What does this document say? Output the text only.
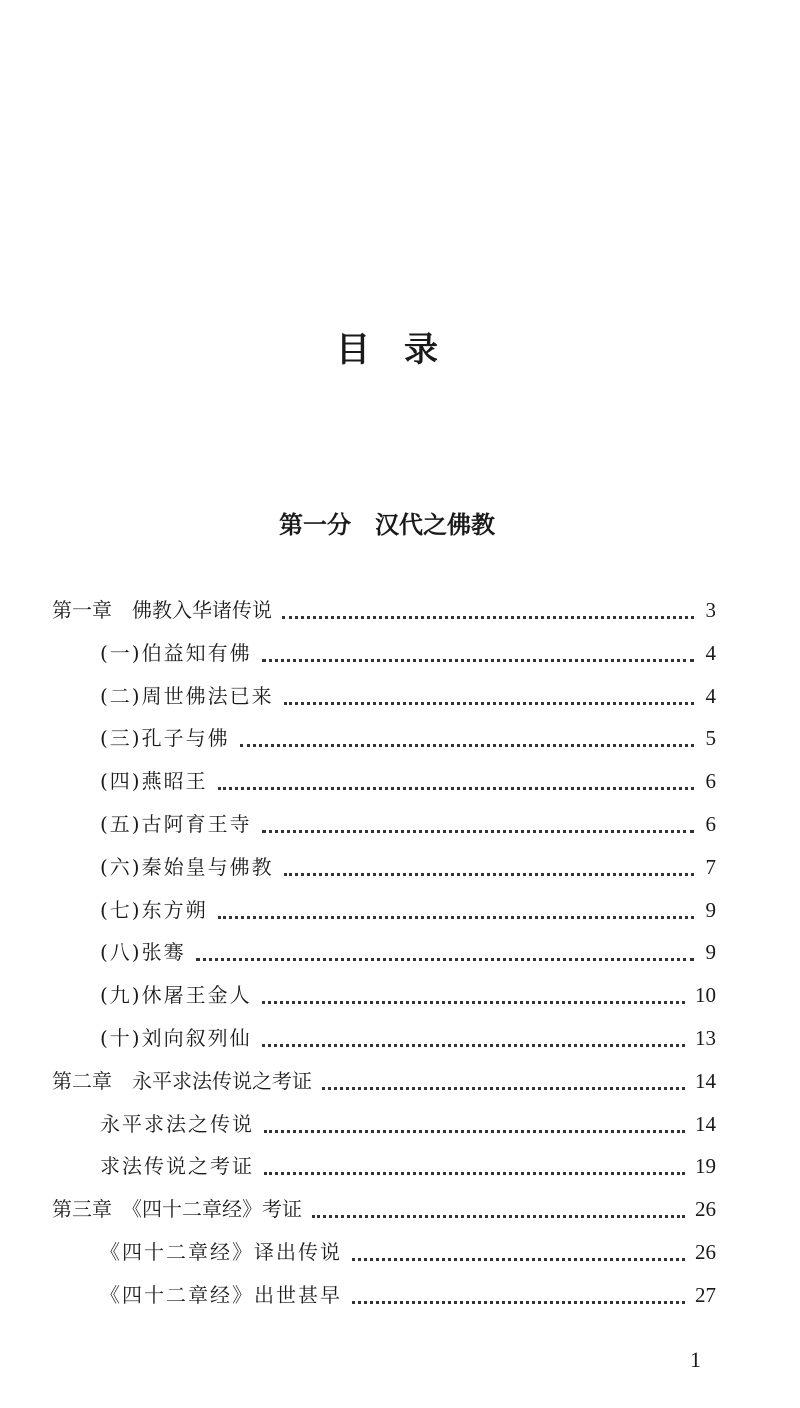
目录
第一分　汉代之佛教
第一章　佛教入华诸传说	3
(一)伯益知有佛	4
(二)周世佛法已来	4
(三)孔子与佛	5
(四)燕昭王	6
(五)古阿育王寺	6
(六)秦始皇与佛教	7
(七)东方朔	9
(八)张骞	9
(九)休屠王金人	10
(十)刘向叙列仙	13
第二章　永平求法传说之考证	14
永平求法之传说	14
求法传说之考证	19
第三章　《四十二章经》考证	26
《四十二章经》译出传说	26
《四十二章经》出世甚早	27
1
